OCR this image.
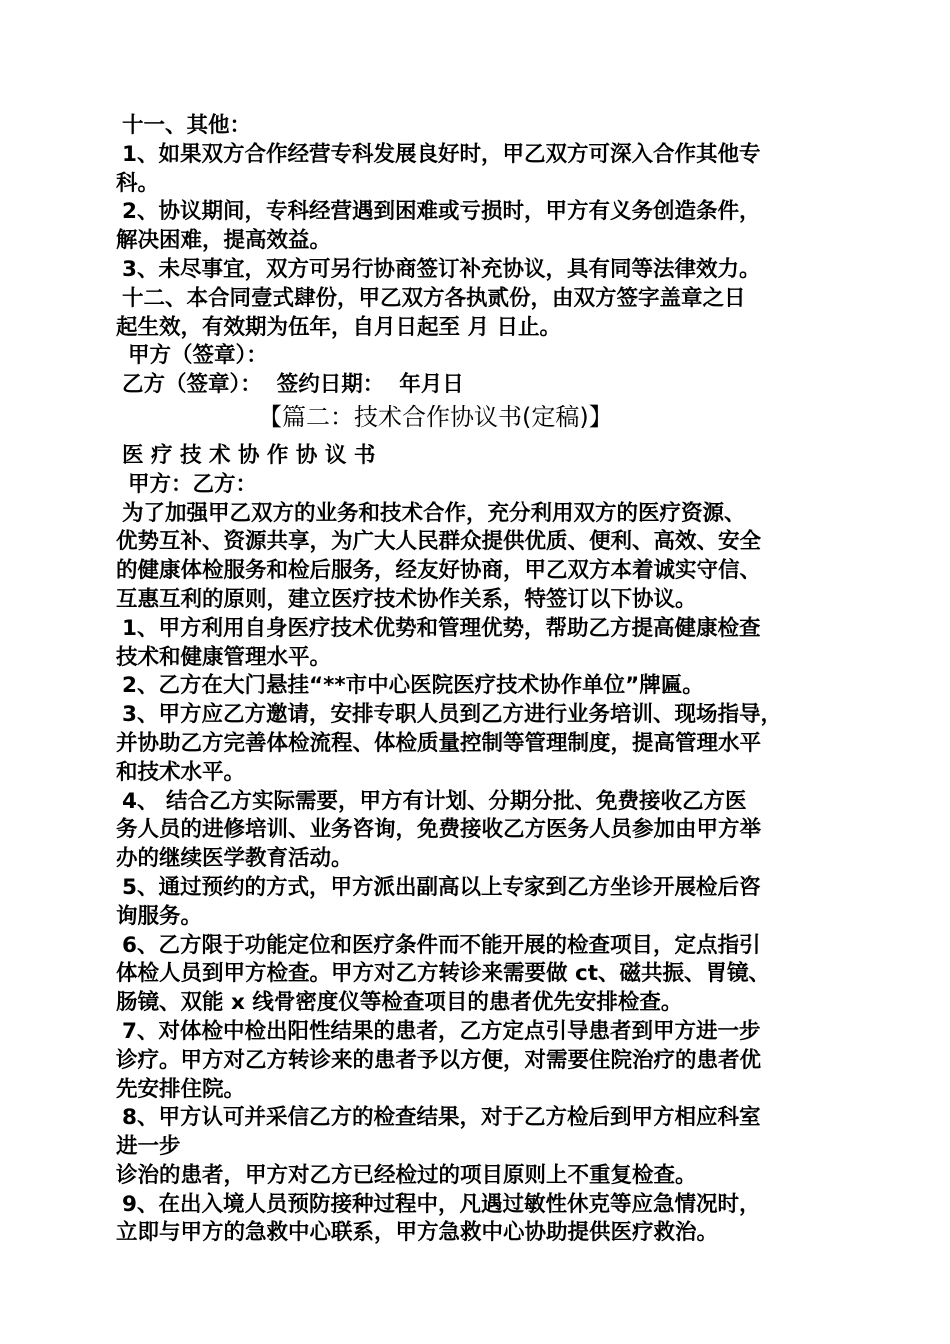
十一、其他：
1、如果双方合作经营专科发展良好时，甲乙双方可深入合作其他专
科。
2、协议期间，专科经营遇到困难或亏损时，甲方有义务创造条件，
解决困难，提高效益。
3、未尽事宜，双方可另行协商签订补充协议，具有同等法律效力。
十二、本合同壹式肆份，甲乙双方各执贰份，由双方签字盖章之日
起生效，有效期为伍年，自月日起至 月 日止。
甲方（签章）：
乙方（签章）：  签约日期：  年月日
【篇二：技术合作协议书(定稿)】
医 疗 技 术 协 作 协 议 书
甲方：乙方：
为了加强甲乙双方的业务和技术合作，充分利用双方的医疗资源、
优势互补、资源共享，为广大人民群众提供优质、便利、高效、安全
的健康体检服务和检后服务，经友好协商，甲乙双方本着诚实守信、
互惠互利的原则，建立医疗技术协作关系，特签订以下协议。
1、甲方利用自身医疗技术优势和管理优势，帮助乙方提高健康检查
技术和健康管理水平。
2、乙方在大门悬挂“**市中心医院医疗技术协作单位”牌匾。
3、甲方应乙方邀请，安排专职人员到乙方进行业务培训、现场指导，
并协助乙方完善体检流程、体检质量控制等管理制度，提高管理水平
和技术水平。
4、 结合乙方实际需要，甲方有计划、分期分批、免费接收乙方医
务人员的进修培训、业务咨询，免费接收乙方医务人员参加由甲方举
办的继续医学教育活动。
5、通过预约的方式，甲方派出副高以上专家到乙方坐诊开展检后咨
询服务。
6、乙方限于功能定位和医疗条件而不能开展的检查项目，定点指引
体检人员到甲方检查。甲方对乙方转诊来需要做 ct、磁共振、胃镜、
肠镜、双能 x 线骨密度仪等检查项目的患者优先安排检查。
7、对体检中检出阳性结果的患者，乙方定点引导患者到甲方进一步
诊疗。甲方对乙方转诊来的患者予以方便，对需要住院治疗的患者优
先安排住院。
8、甲方认可并采信乙方的检查结果，对于乙方检后到甲方相应科室
进一步
诊治的患者，甲方对乙方已经检过的项目原则上不重复检查。
9、在出入境人员预防接种过程中，凡遇过敏性休克等应急情况时，
立即与甲方的急救中心联系，甲方急救中心协助提供医疗救治。
